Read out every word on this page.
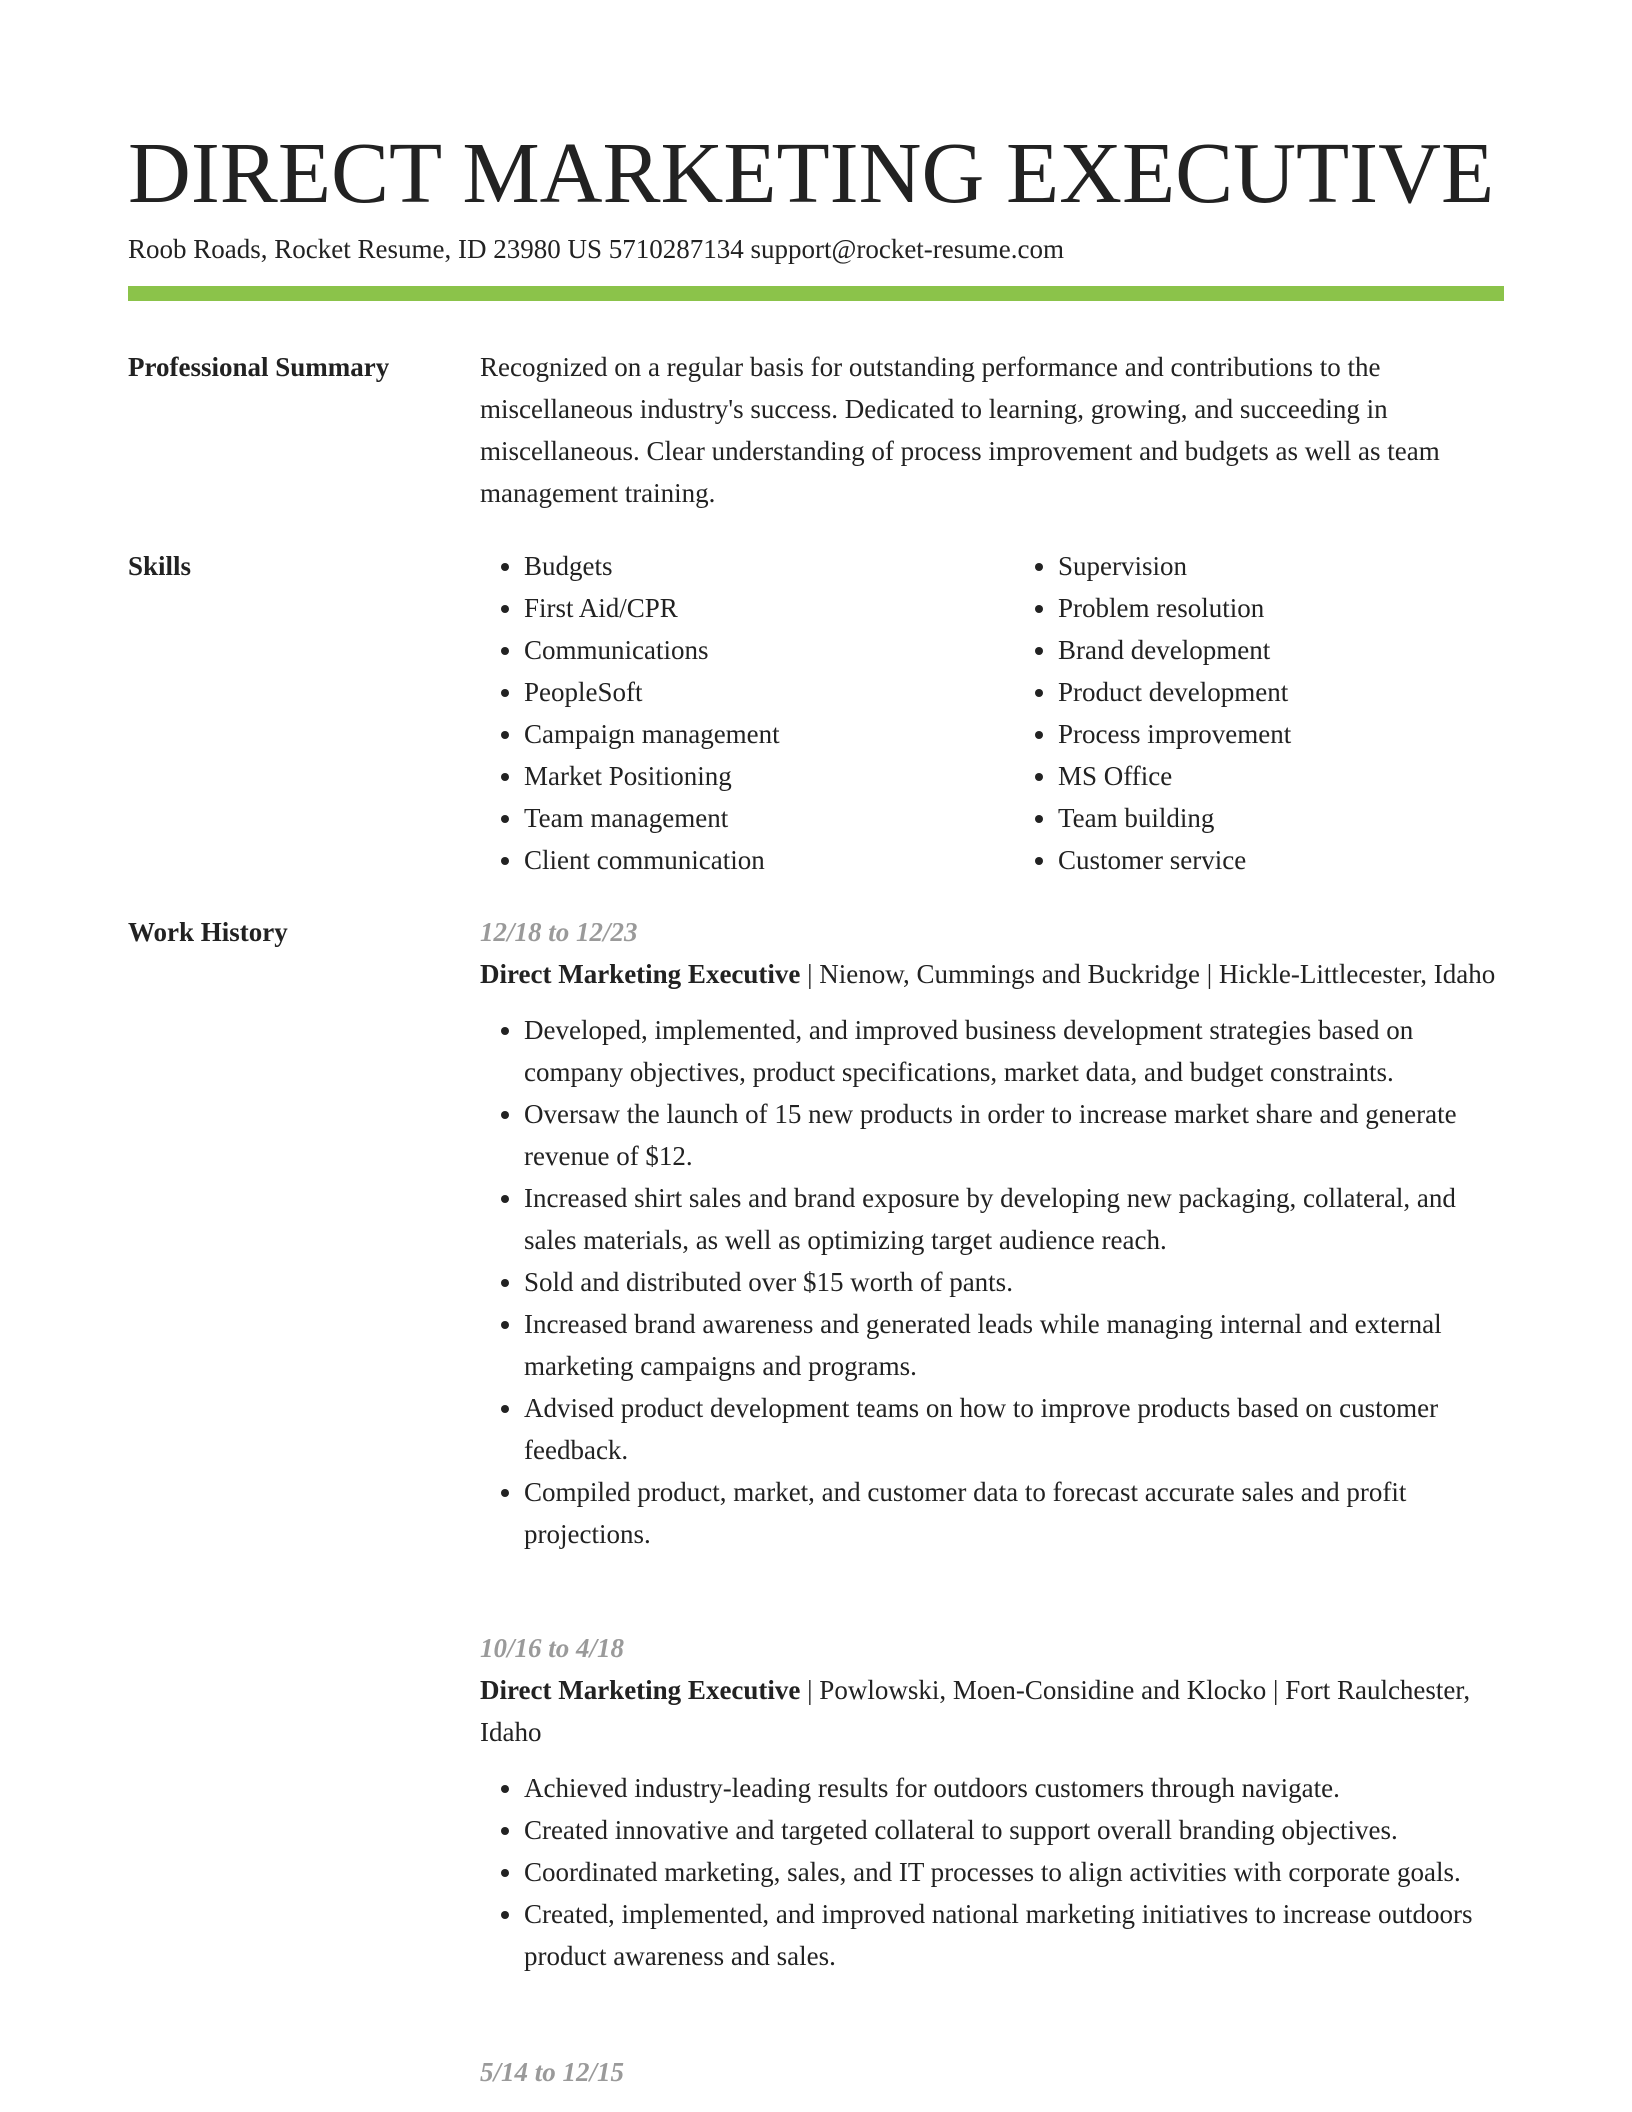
DIRECT MARKETING EXECUTIVE
Roob Roads, Rocket Resume, ID 23980 US 5710287134 support@rocket-resume.com
Professional Summary	Recognized on a regular basis for outstanding performance and contributions to the miscellaneous industry's success. Dedicated to learning, growing, and succeeding in miscellaneous. Clear understanding of process improvement and budgets as well as team management training.

Skills
•	Budgets
• First Aid/CPR
• Communications
• PeopleSoft
• Campaign management
• Market Positioning
• Team management
• Client communication
• Supervision
• Problem resolution
• Brand development
• Product development
• Process improvement
• MS Office
• Team building
• Customer service
Work History	12/18 to 12/23
Direct Marketing Executive | Nienow, Cummings and Buckridge | Hickle-Littlecester, Idaho
• Developed, implemented, and improved business development strategies based on company objectives, product specifications, market data, and budget constraints.
• Oversaw the launch of 15 new products in order to increase market share and generate revenue of $12.
• Increased shirt sales and brand exposure by developing new packaging, collateral, and sales materials, as well as optimizing target audience reach.
• Sold and distributed over $15 worth of pants.
• Increased brand awareness and generated leads while managing internal and external marketing campaigns and programs.
• Advised product development teams on how to improve products based on customer feedback.
• Compiled product, market, and customer data to forecast accurate sales and profit projections.
10/16 to 4/18
Direct Marketing Executive | Powlowski, Moen-Considine and Klocko | Fort Raulchester, Idaho
• Achieved industry-leading results for outdoors customers through navigate.
• Created innovative and targeted collateral to support overall branding objectives.
• Coordinated marketing, sales, and IT processes to align activities with corporate goals.
• Created, implemented, and improved national marketing initiatives to increase outdoors product awareness and sales.
5/14 to 12/15
